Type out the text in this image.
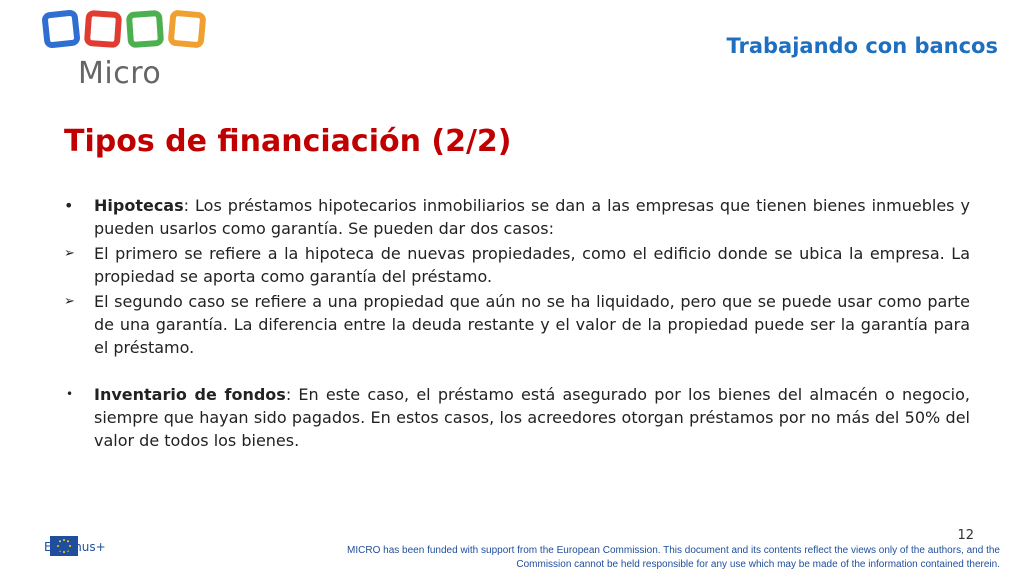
Micro
Trabajando con bancos
Tipos de financiación (2/2)
•	Hipotecas: Los préstamos hipotecarios inmobiliarios se dan a las empresas que tienen bienes inmuebles y pueden usarlos como garantía. Se pueden dar dos casos:
➢	El primero se refiere a la hipoteca de nuevas propiedades, como el edificio donde se ubica la empresa. La propiedad se aporta como garantía del préstamo.
➢	El segundo caso se refiere a una propiedad que aún no se ha liquidado, pero que se puede usar como parte de una garantía. La diferencia entre la deuda restante y el valor de la propiedad puede ser la garantía para el préstamo.
•	Inventario de fondos: En este caso, el préstamo está asegurado por los bienes del almacén o negocio, siempre que hayan sido pagados. En estos casos, los acreedores otorgan préstamos por no más del 50% del valor de todos los bienes.
Erasmus+
12
MICRO has been funded with support from the European Commission. This document and its contents reflect the views only of the authors, and the Commission cannot be held responsible for any use which may be made of the information contained therein.
